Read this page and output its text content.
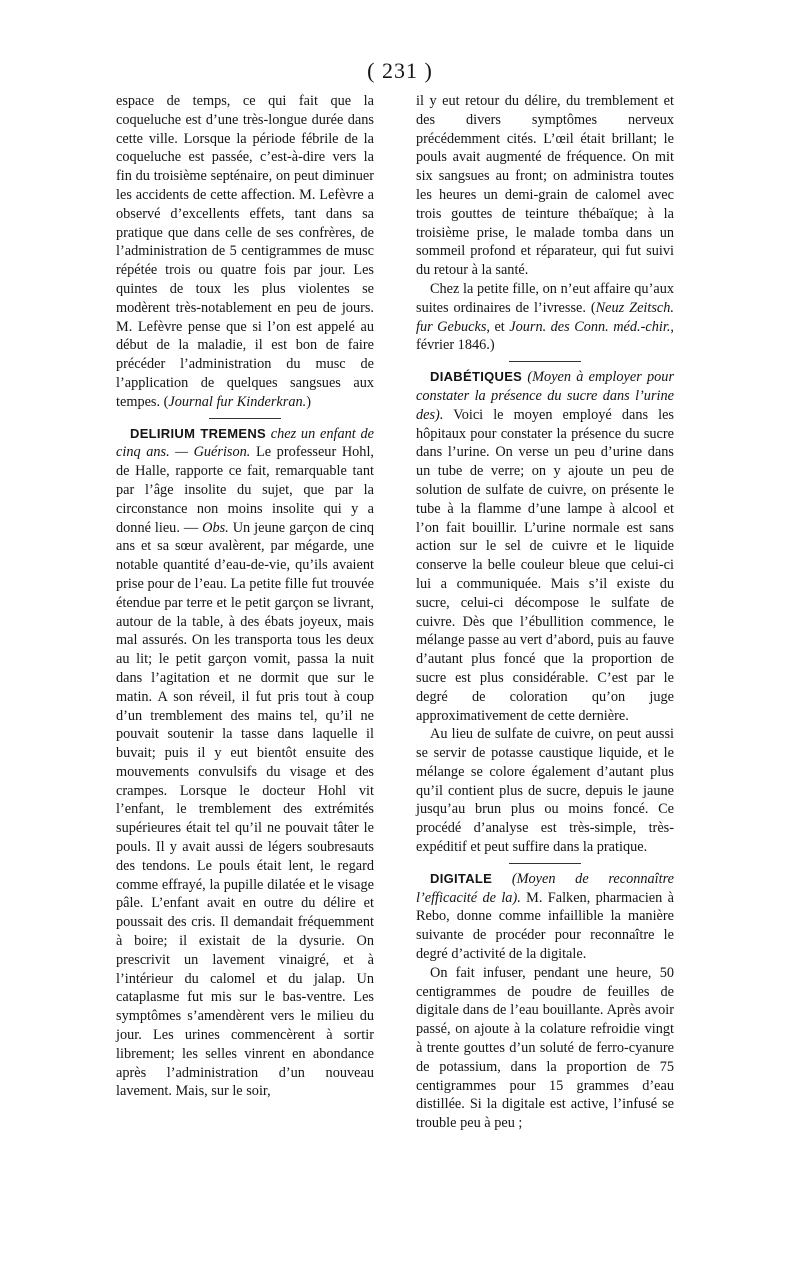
( 231 )

espace de temps, ce qui fait que la coqueluche est d’une très-longue durée dans cette ville. Lorsque la période fébrile de la coqueluche est passée, c’est-à-dire vers la fin du troisième septénaire, on peut diminuer les accidents de cette affection. M. Lefèvre a observé d’excellents effets, tant dans sa pratique que dans celle de ses confrères, de l’administration de 5 centigrammes de musc répétée trois ou quatre fois par jour. Les quintes de toux les plus violentes se modèrent très-notablement en peu de jours. M. Lefèvre pense que si l’on est appelé au début de la maladie, il est bon de faire précéder l’administration du musc de l’application de quelques sangsues aux tempes. (Journal fur Kinderkran.)

DELIRIUM TREMENS chez un enfant de cinq ans. — Guérison. Le professeur Hohl, de Halle, rapporte ce fait, remarquable tant par l’âge insolite du sujet, que par la circonstance non moins insolite qui y a donné lieu. — Obs. Un jeune garçon de cinq ans et sa sœur avalèrent, par mégarde, une notable quantité d’eau-de-vie, qu’ils avaient prise pour de l’eau. La petite fille fut trouvée étendue par terre et le petit garçon se livrant, autour de la table, à des ébats joyeux, mais mal assurés. On les transporta tous les deux au lit; le petit garçon vomit, passa la nuit dans l’agitation et ne dormit que sur le matin. A son réveil, il fut pris tout à coup d’un tremblement des mains tel, qu’il ne pouvait soutenir la tasse dans laquelle il buvait; puis il y eut bientôt ensuite des mouvements convulsifs du visage et des crampes. Lorsque le docteur Hohl vit l’enfant, le tremblement des extrémités supérieures était tel qu’il ne pouvait tâter le pouls. Il y avait aussi de légers soubresauts des tendons. Le pouls était lent, le regard comme effrayé, la pupille dilatée et le visage pâle. L’enfant avait en outre du délire et poussait des cris. Il demandait fréquemment à boire; il existait de la dysurie. On prescrivit un lavement vinaigré, et à l’intérieur du calomel et du jalap. Un cataplasme fut mis sur le bas-ventre. Les symptômes s’amendèrent vers le milieu du jour. Les urines commencèrent à sortir librement; les selles vinrent en abondance après l’administration d’un nouveau lavement. Mais, sur le soir,

il y eut retour du délire, du tremblement et des divers symptômes nerveux précédemment cités. L’œil était brillant; le pouls avait augmenté de fréquence. On mit six sangsues au front; on administra toutes les heures un demi-grain de calomel avec trois gouttes de teinture thébaïque; à la troisième prise, le malade tomba dans un sommeil profond et réparateur, qui fut suivi du retour à la santé.

Chez la petite fille, on n’eut affaire qu’aux suites ordinaires de l’ivresse. (Neuz Zeitsch. fur Gebucks, et Journ. des Conn. méd.-chir., février 1846.)

DIABÉTIQUES (Moyen à employer pour constater la présence du sucre dans l’urine des). Voici le moyen employé dans les hôpitaux pour constater la présence du sucre dans l’urine. On verse un peu d’urine dans un tube de verre; on y ajoute un peu de solution de sulfate de cuivre, on présente le tube à la flamme d’une lampe à alcool et l’on fait bouillir. L’urine normale est sans action sur le sel de cuivre et le liquide conserve la belle couleur bleue que celui-ci lui a communiquée. Mais s’il existe du sucre, celui-ci décompose le sulfate de cuivre. Dès que l’ébullition commence, le mélange passe au vert d’abord, puis au fauve d’autant plus foncé que la proportion de sucre est plus considérable. C’est par le degré de coloration qu’on juge approximativement de cette dernière.

Au lieu de sulfate de cuivre, on peut aussi se servir de potasse caustique liquide, et le mélange se colore également d’autant plus qu’il contient plus de sucre, depuis le jaune jusqu’au brun plus ou moins foncé. Ce procédé d’analyse est très-simple, très-expéditif et peut suffire dans la pratique.

DIGITALE (Moyen de reconnaître l’efficacité de la). M. Falken, pharmacien à Rebo, donne comme infaillible la manière suivante de procéder pour reconnaître le degré d’activité de la digitale.

On fait infuser, pendant une heure, 50 centigrammes de poudre de feuilles de digitale dans de l’eau bouillante. Après avoir passé, on ajoute à la colature refroidie vingt à trente gouttes d’un soluté de ferro-cyanure de potassium, dans la proportion de 75 centigrammes pour 15 grammes d’eau distillée. Si la digitale est active, l’infusé se trouble peu à peu ;
